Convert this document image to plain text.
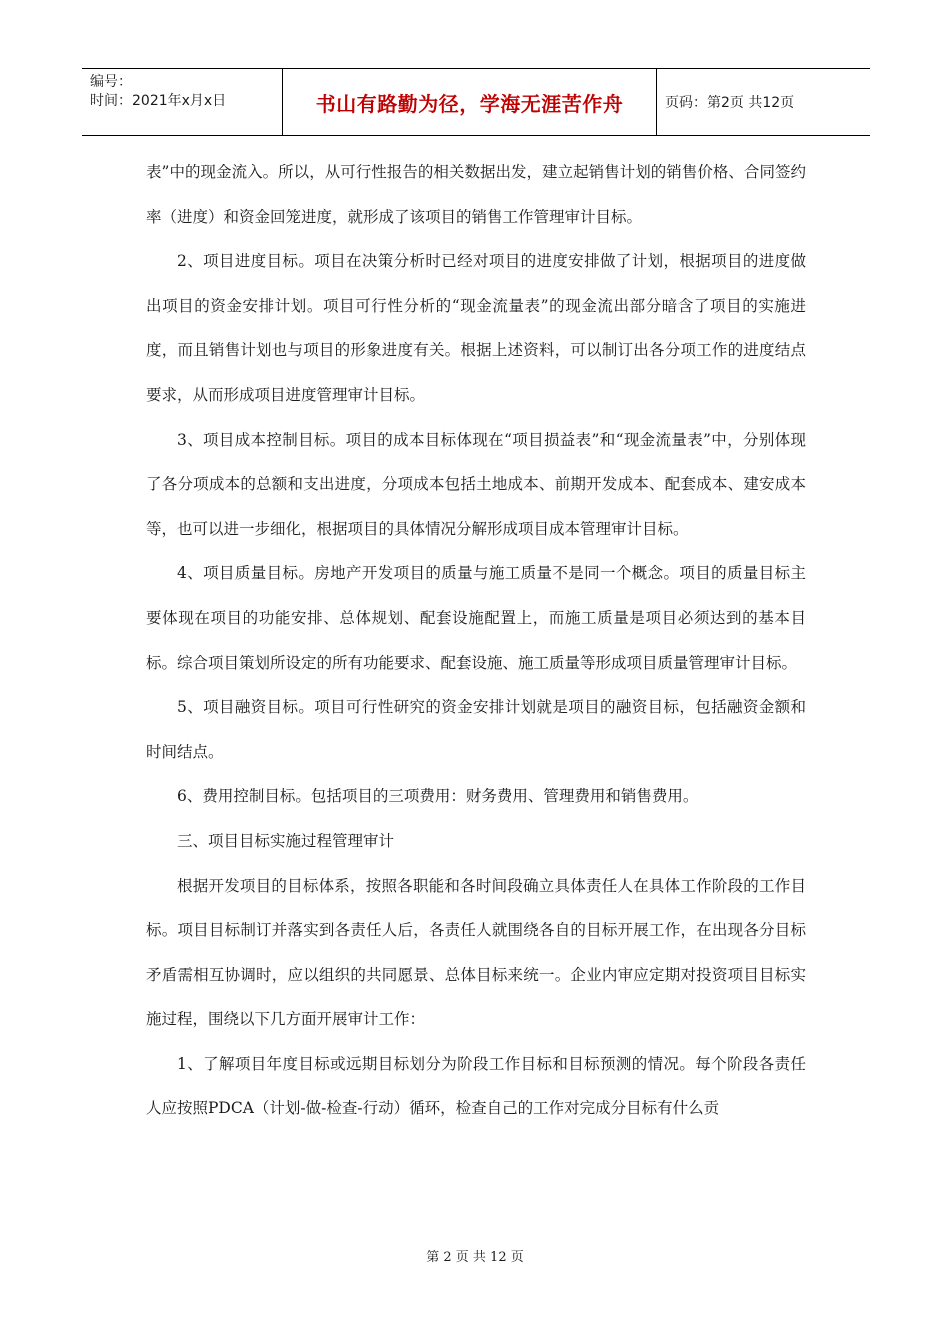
编号：
时间：2021年x月x日	书山有路勤为径，学海无涯苦作舟	页码：第2页 共12页

表”中的现金流入。所以，从可行性报告的相关数据出发，建立起销售计划的销售价格、合同签约率（进度）和资金回笼进度，就形成了该项目的销售工作管理审计目标。

2、项目进度目标。项目在决策分析时已经对项目的进度安排做了计划，根据项目的进度做出项目的资金安排计划。项目可行性分析的“现金流量表”的现金流出部分暗含了项目的实施进度，而且销售计划也与项目的形象进度有关。根据上述资料，可以制订出各分项工作的进度结点要求，从而形成项目进度管理审计目标。

3、项目成本控制目标。项目的成本目标体现在“项目损益表”和“现金流量表”中，分别体现了各分项成本的总额和支出进度，分项成本包括土地成本、前期开发成本、配套成本、建安成本等，也可以进一步细化，根据项目的具体情况分解形成项目成本管理审计目标。

4、项目质量目标。房地产开发项目的质量与施工质量不是同一个概念。项目的质量目标主要体现在项目的功能安排、总体规划、配套设施配置上，而施工质量是项目必须达到的基本目标。综合项目策划所设定的所有功能要求、配套设施、施工质量等形成项目质量管理审计目标。

5、项目融资目标。项目可行性研究的资金安排计划就是项目的融资目标，包括融资金额和时间结点。

6、费用控制目标。包括项目的三项费用：财务费用、管理费用和销售费用。

三、项目目标实施过程管理审计

根据开发项目的目标体系，按照各职能和各时间段确立具体责任人在具体工作阶段的工作目标。项目目标制订并落实到各责任人后，各责任人就围绕各自的目标开展工作，在出现各分目标矛盾需相互协调时，应以组织的共同愿景、总体目标来统一。企业内审应定期对投资项目目标实施过程，围绕以下几方面开展审计工作：

1、了解项目年度目标或远期目标划分为阶段工作目标和目标预测的情况。每个阶段各责任人应按照PDCA（计划-做-检查-行动）循环，检查自己的工作对完成分目标有什么贡

第 2 页 共 12 页
